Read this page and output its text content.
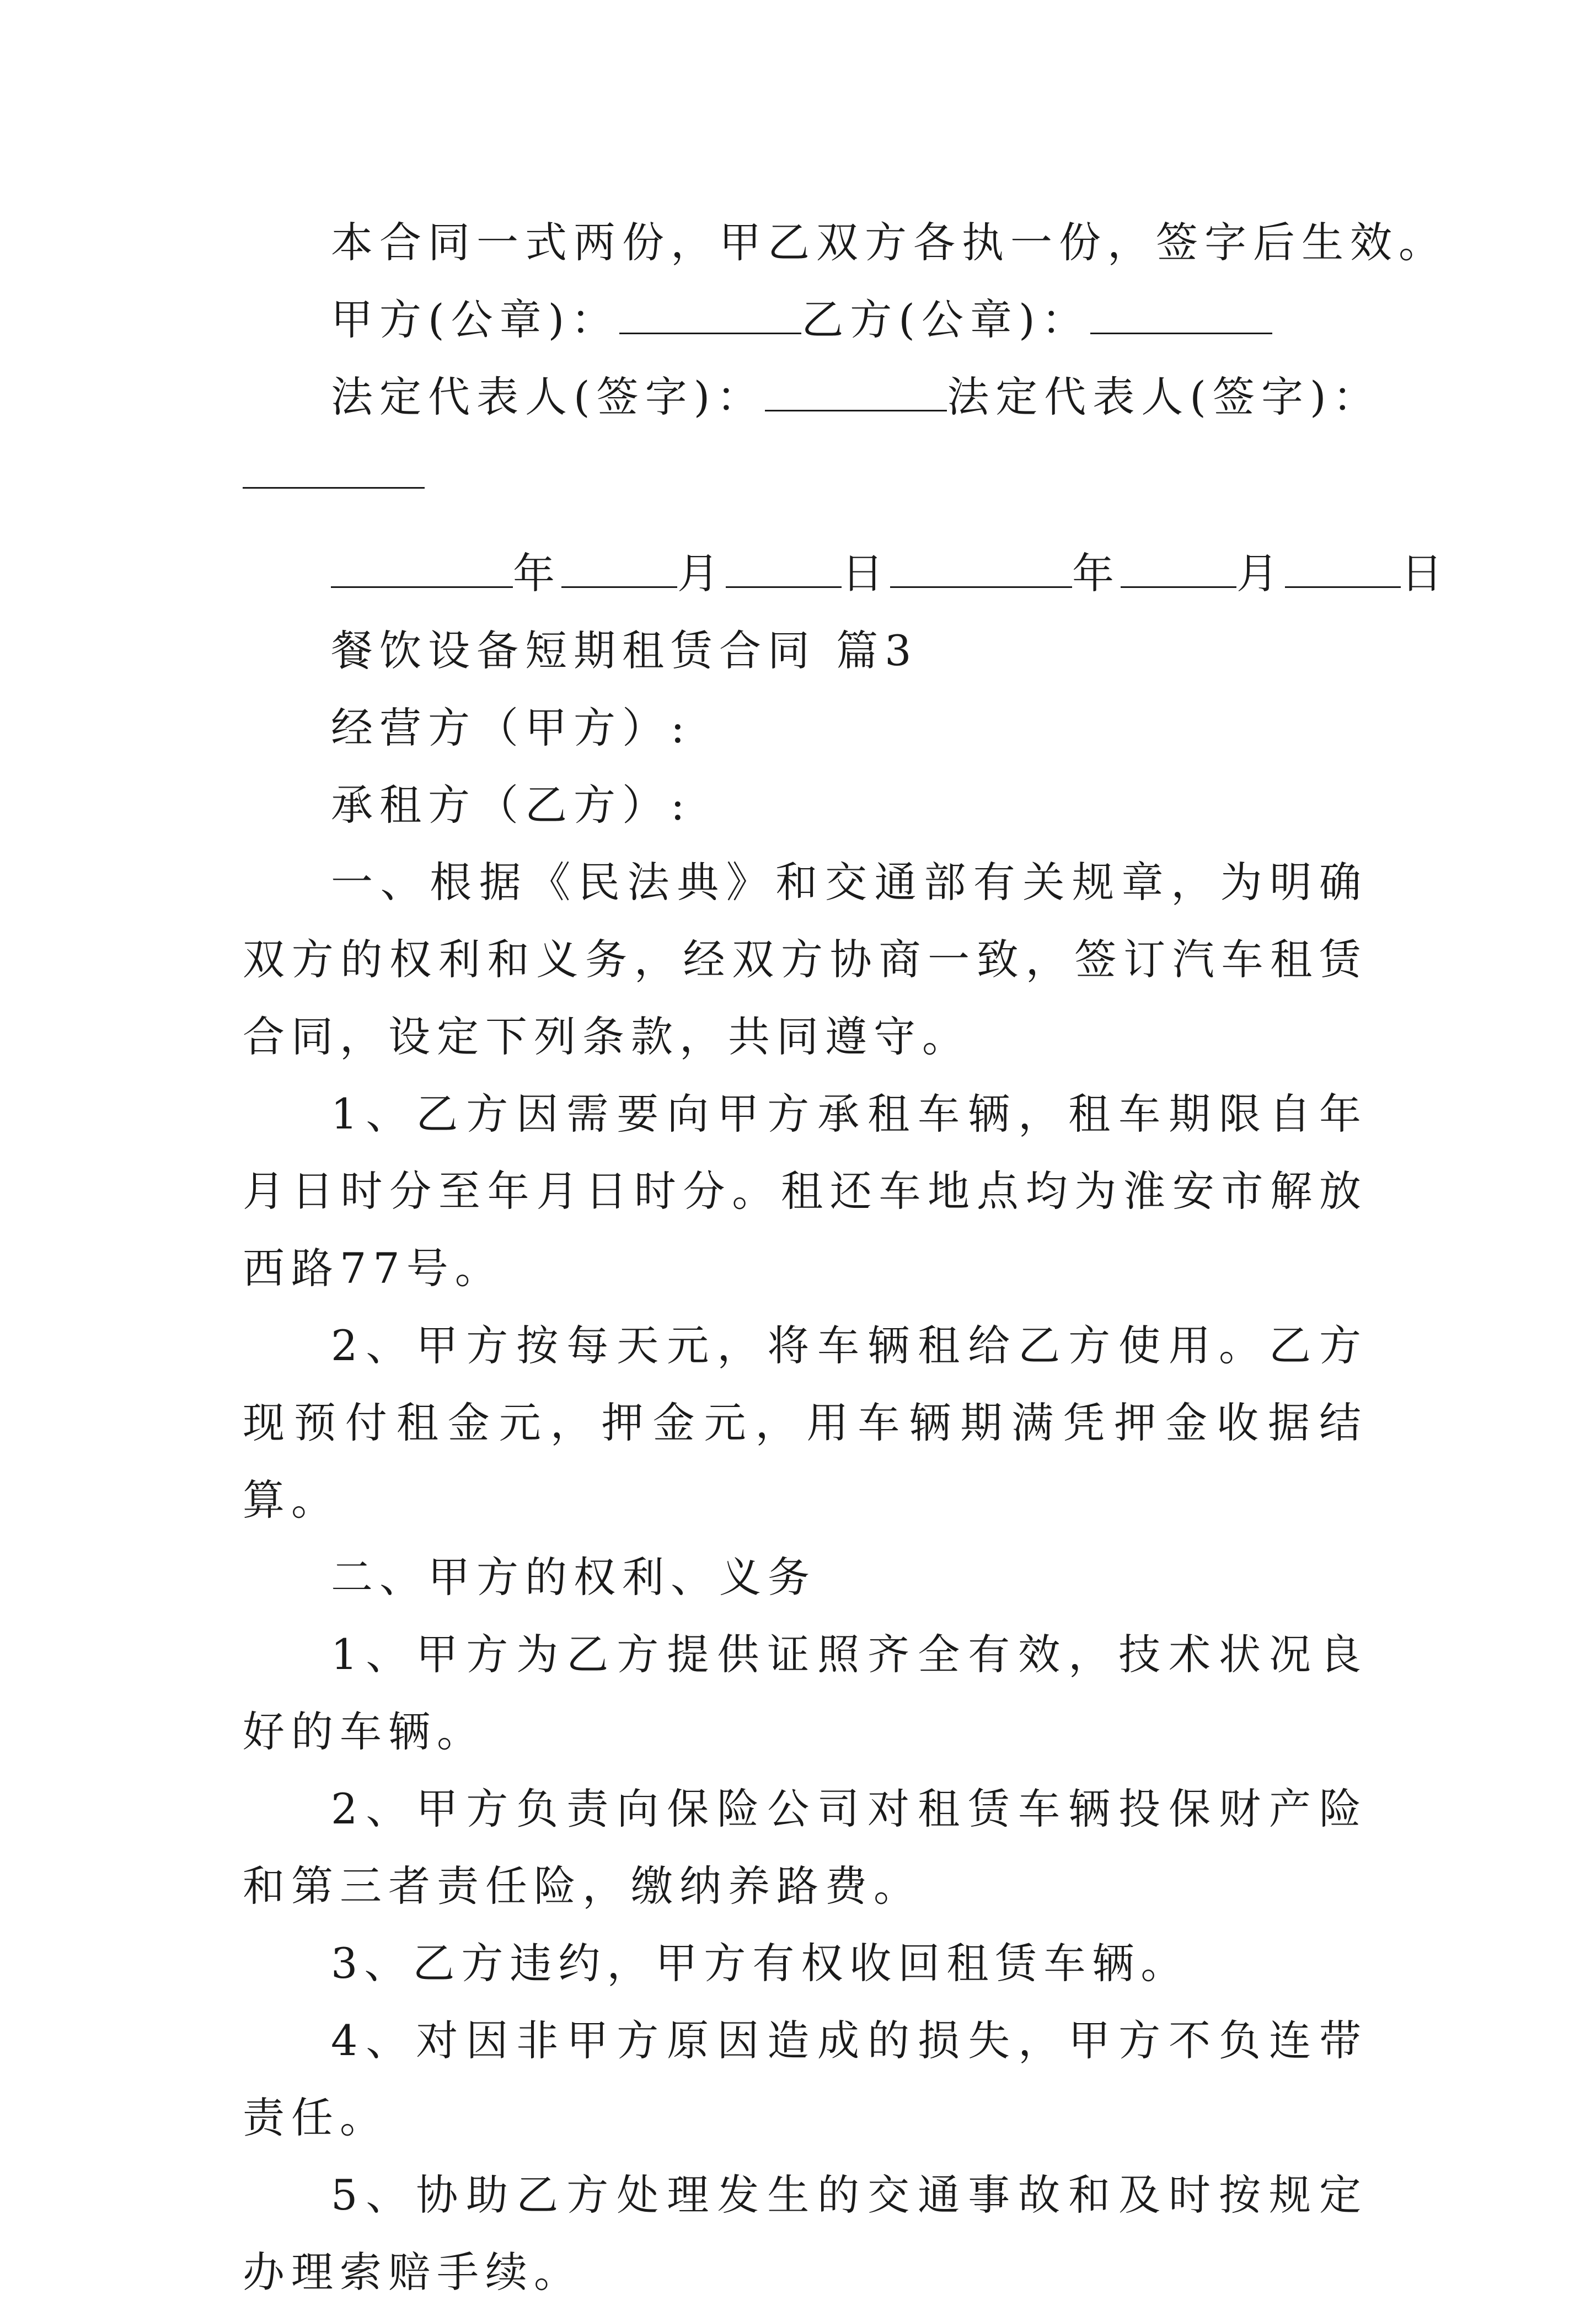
本合同一式两份，甲乙双方各执一份，签字后生效。

甲方(公章)：	乙方(公章)：

法定代表人(签字)：	法定代表人(签字)：

年	月	日	年	月	日

餐饮设备短期租赁合同 篇3

经营方（甲方）:

承租方（乙方）:

一、根据《民法典》和交通部有关规章，为明确双方的权利和义务，经双方协商一致，签订汽车租赁合同，设定下列条款，共同遵守。

1、乙方因需要向甲方承租车辆，租车期限自年月日时分至年月日时分。租还车地点均为淮安市解放西路77号。

2、甲方按每天元，将车辆租给乙方使用。乙方现预付租金元，押金元，用车辆期满凭押金收据结算。

二、甲方的权利、义务

1、甲方为乙方提供证照齐全有效，技术状况良好的车辆。

2、甲方负责向保险公司对租赁车辆投保财产险和第三者责任险，缴纳养路费。

3、乙方违约，甲方有权收回租赁车辆。

4、对因非甲方原因造成的损失，甲方不负连带责任。

5、协助乙方处理发生的交通事故和及时按规定办理索赔手续。
